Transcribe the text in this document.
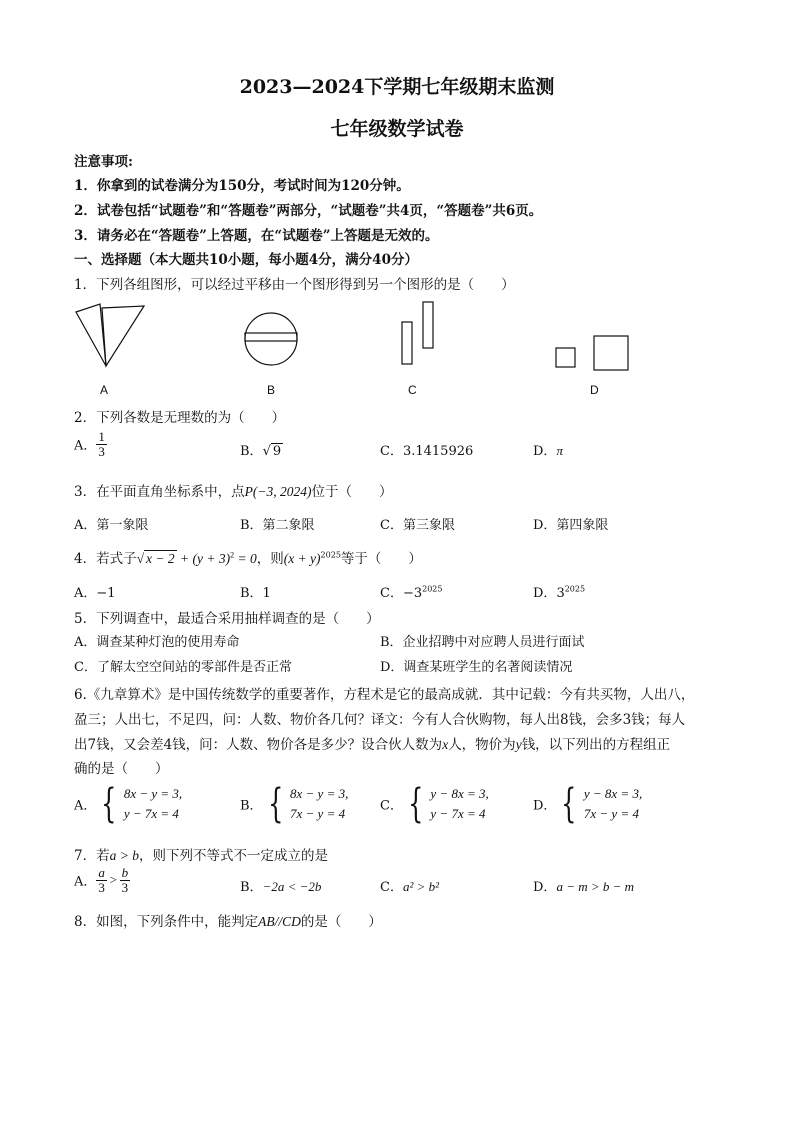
2023—2024下学期七年级期末监测
七年级数学试卷
注意事项:
1．你拿到的试卷满分为150分，考试时间为120分钟。
2．试卷包括“试题卷”和“答题卷”两部分，“试题卷”共4页，“答题卷”共6页。
3．请务必在“答题卷”上答题，在“试题卷”上答题是无效的。
一、选择题（本大题共10小题，每小题4分，满分40分）
1．下列各组图形，可以经过平移由一个图形得到另一个图形的是（　　）
A	B	C	D
2．下列各数是无理数的为（　　）
A． $\frac{1}{3}$	B．√ 9	C．3.1415926	D．π
3．在平面直角坐标系中，点P(−3, 2024)位于（　　）
A．第一象限	B．第二象限	C．第三象限	D．第四象限
4．若式子√ $x - 2 + (y + 3)^2 = 0$，则$(x + y)^{2025}$等于（　　）
A．−1	B．1	C．$-3^{2025}$	D．$3^{2025}$
5．下列调查中，最适合采用抽样调查的是（　　）
A．调查某种灯泡的使用寿命	B．企业招聘中对应聘人员进行面试
C．了解太空空间站的零部件是否正常	D．调查某班学生的名著阅读情况
6.《九章算术》是中国传统数学的重要著作，方程术是它的最高成就．其中记载：今有共买物，人出八，
盈三；人出七，不足四，问：人数、物价各几何？译文：今有人合伙购物，每人出8钱，会多3钱；每人
出7钱，又会差4钱，问：人数、物价各是多少？设合伙人数为x人，物价为y钱，以下列出的方程组正
确的是（　　）
A． { 8x − y = 3,
y − 7x = 4	B． { 8x − y = 3,
7x − y = 4	C． { y − 8x = 3,
y − 7x = 4	D． { y − 8x = 3,
7x − y = 4
7．若a > b，则下列不等式不一定成立的是
A． $\frac{a}{3} > \frac{b}{3}$	B．−2a < −2b	C．a² > b²	D．a − m > b − m
8．如图，下列条件中，能判定AB//CD的是（　　）
